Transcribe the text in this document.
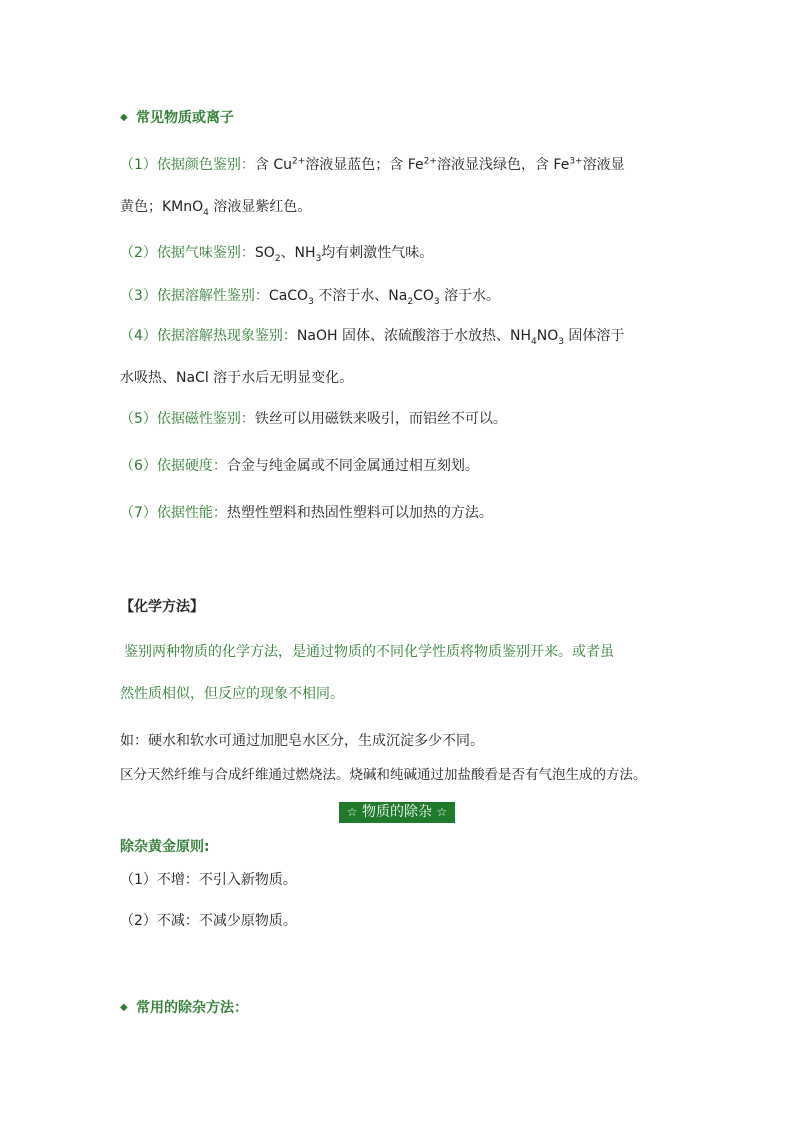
◆ 常见物质或离子
（1）依据颜色鉴别：含 $Cu^{2+}$溶液显蓝色；含 $Fe^{2+}$溶液显浅绿色，含 $Fe^{3+}$溶液显
黄色；KMnO$_4$ 溶液显紫红色。
（2）依据气味鉴别：$SO_2$、$NH_3$均有刺激性气味。
（3）依据溶解性鉴别：CaCO$_3$ 不溶于水、$Na_2CO_3$ 溶于水。
（4）依据溶解热现象鉴别：NaOH 固体、浓硫酸溶于水放热、$NH_4NO_3$ 固体溶于
水吸热、NaCl 溶于水后无明显变化。
（5）依据磁性鉴别：铁丝可以用磁铁来吸引，而铝丝不可以。
（6）依据硬度：合金与纯金属或不同金属通过相互刻划。
（7）依据性能：热塑性塑料和热固性塑料可以加热的方法。
【化学方法】
鉴别两种物质的化学方法，是通过物质的不同化学性质将物质鉴别开来。或者虽
然性质相似，但反应的现象不相同。
如：硬水和软水可通过加肥皂水区分，生成沉淀多少不同。
区分天然纤维与合成纤维通过燃烧法。烧碱和纯碱通过加盐酸看是否有气泡生成的方法。
☆ 物质的除杂 ☆
除杂黄金原则:
（1）不增：不引入新物质。
（2）不减：不减少原物质。
◆ 常用的除杂方法：
